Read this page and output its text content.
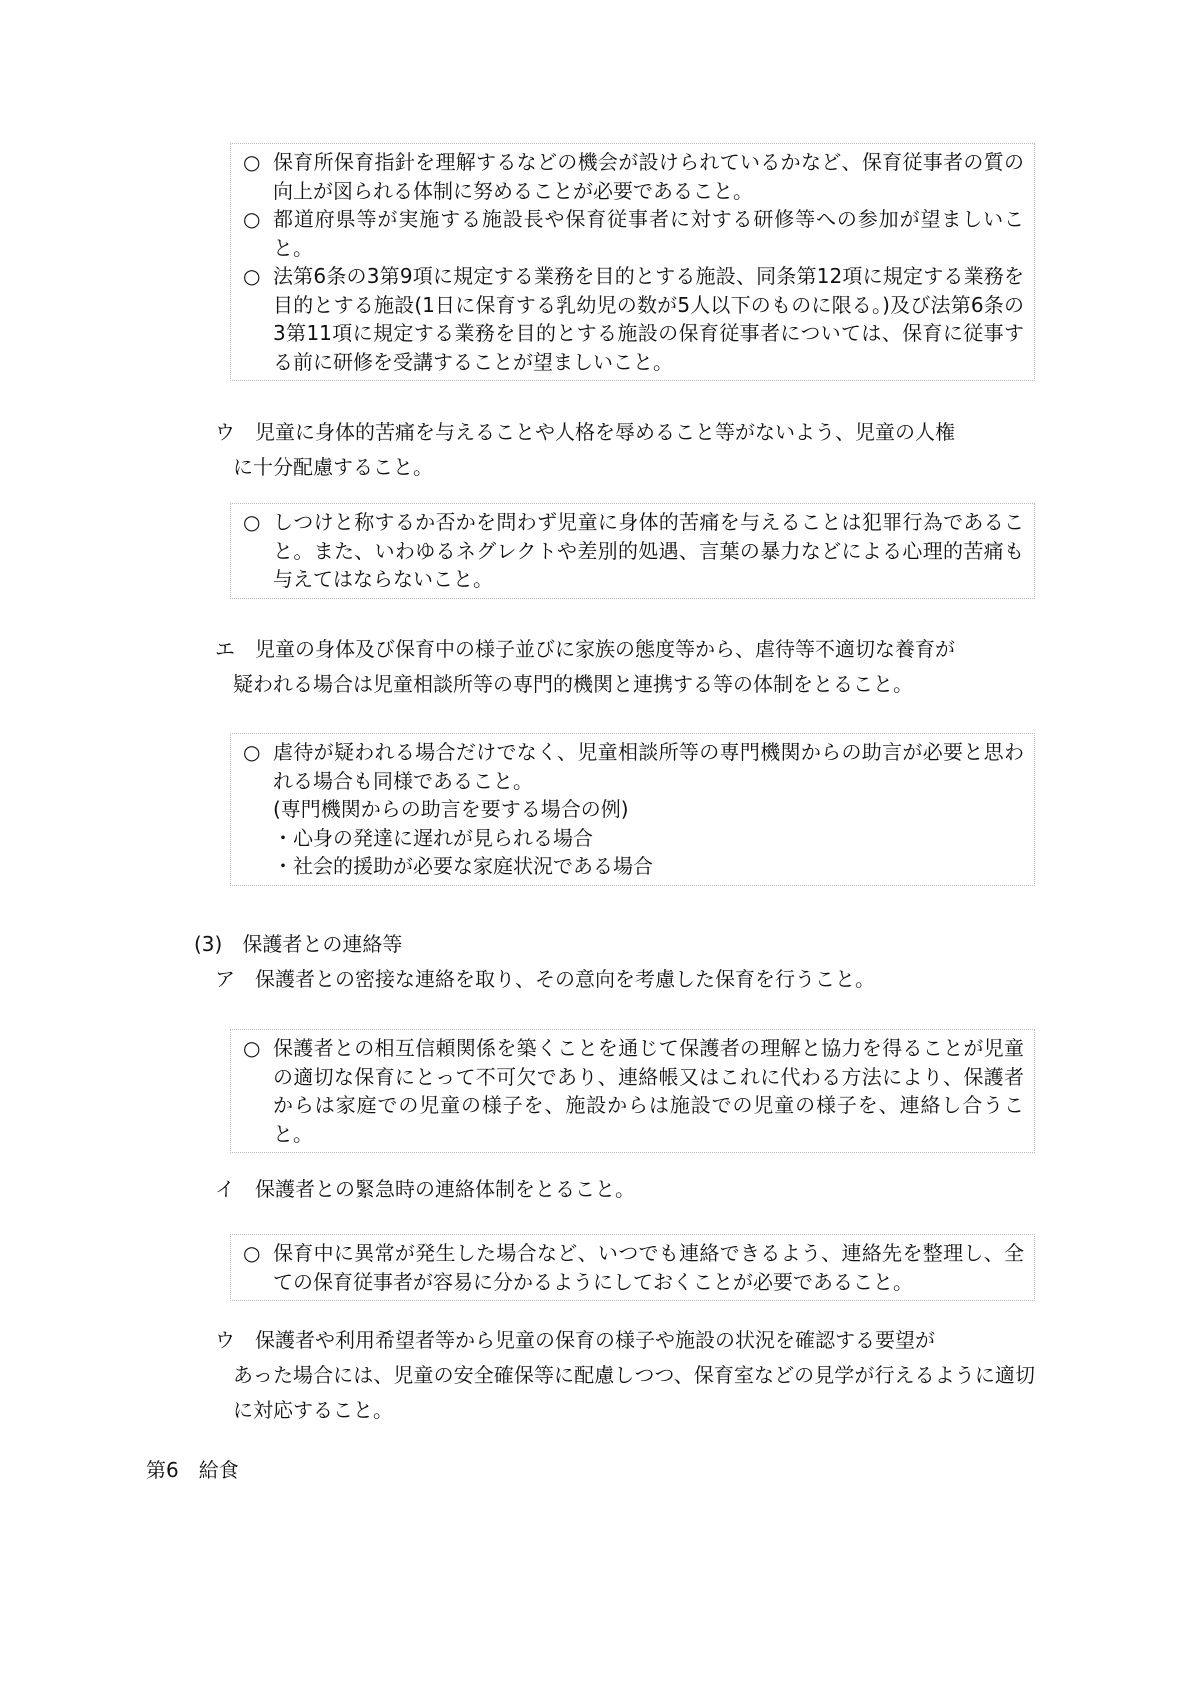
○ 保育所保育指針を理解するなどの機会が設けられているかなど、保育従事者の質の向上が図られる体制に努めることが必要であること。
○ 都道府県等が実施する施設長や保育従事者に対する研修等への参加が望ましいこと。
○ 法第6条の3第9項に規定する業務を目的とする施設、同条第12項に規定する業務を目的とする施設(1日に保育する乳幼児の数が5人以下のものに限る。)及び法第6条の3第11項に規定する業務を目的とする施設の保育従事者については、保育に従事する前に研修を受講することが望ましいこと。
ウ 児童に身体的苦痛を与えることや人格を辱めること等がないよう、児童の人権
に十分配慮すること。
○ しつけと称するか否かを問わず児童に身体的苦痛を与えることは犯罪行為であること。また、いわゆるネグレクトや差別的処遇、言葉の暴力などによる心理的苦痛も与えてはならないこと。
エ 児童の身体及び保育中の様子並びに家族の態度等から、虐待等不適切な養育が
疑われる場合は児童相談所等の専門的機関と連携する等の体制をとること。
○ 虐待が疑われる場合だけでなく、児童相談所等の専門機関からの助言が必要と思われる場合も同様であること。
(専門機関からの助言を要する場合の例)
・心身の発達に遅れが見られる場合
・社会的援助が必要な家庭状況である場合
(3)　保護者との連絡等
ア 保護者との密接な連絡を取り、その意向を考慮した保育を行うこと。
○ 保護者との相互信頼関係を築くことを通じて保護者の理解と協力を得ることが児童の適切な保育にとって不可欠であり、連絡帳又はこれに代わる方法により、保護者からは家庭での児童の様子を、施設からは施設での児童の様子を、連絡し合うこと。
イ 保護者との緊急時の連絡体制をとること。
○ 保育中に異常が発生した場合など、いつでも連絡できるよう、連絡先を整理し、全ての保育従事者が容易に分かるようにしておくことが必要であること。
ウ 保護者や利用希望者等から児童の保育の様子や施設の状況を確認する要望が
あった場合には、児童の安全確保等に配慮しつつ、保育室などの見学が行えるように適切に対応すること。
第6　給食
